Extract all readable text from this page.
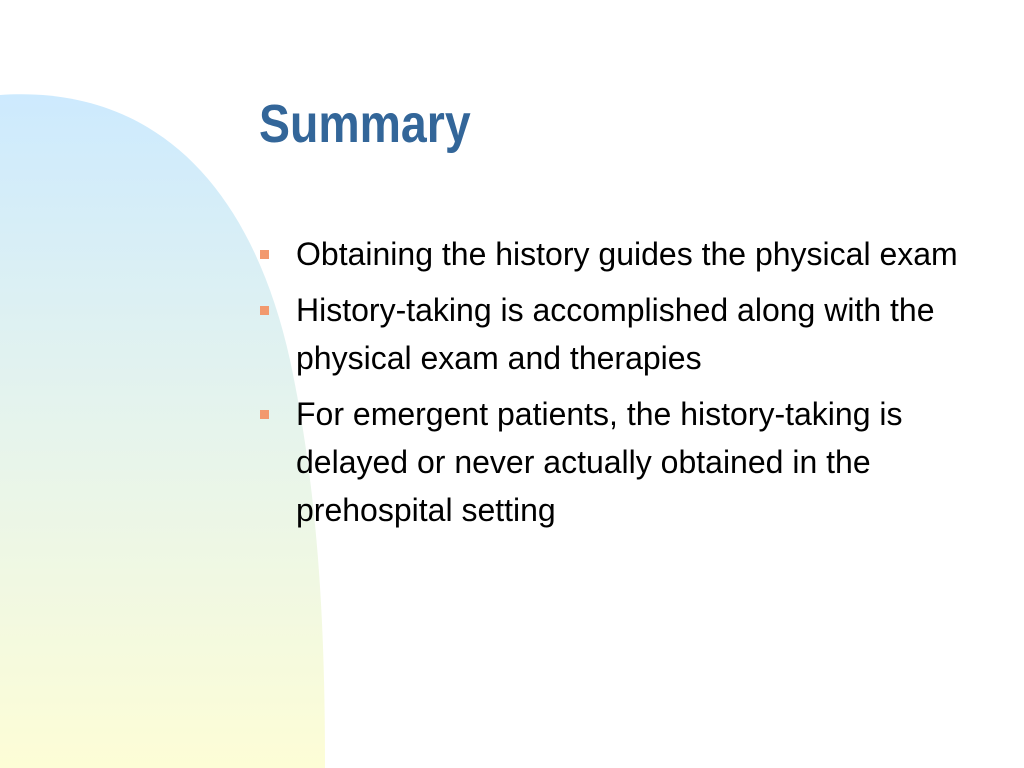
Summary
Obtaining the history guides the physical exam
History-taking is accomplished along with the physical exam and therapies
For emergent patients, the history-taking is delayed or never actually obtained in the prehospital setting
